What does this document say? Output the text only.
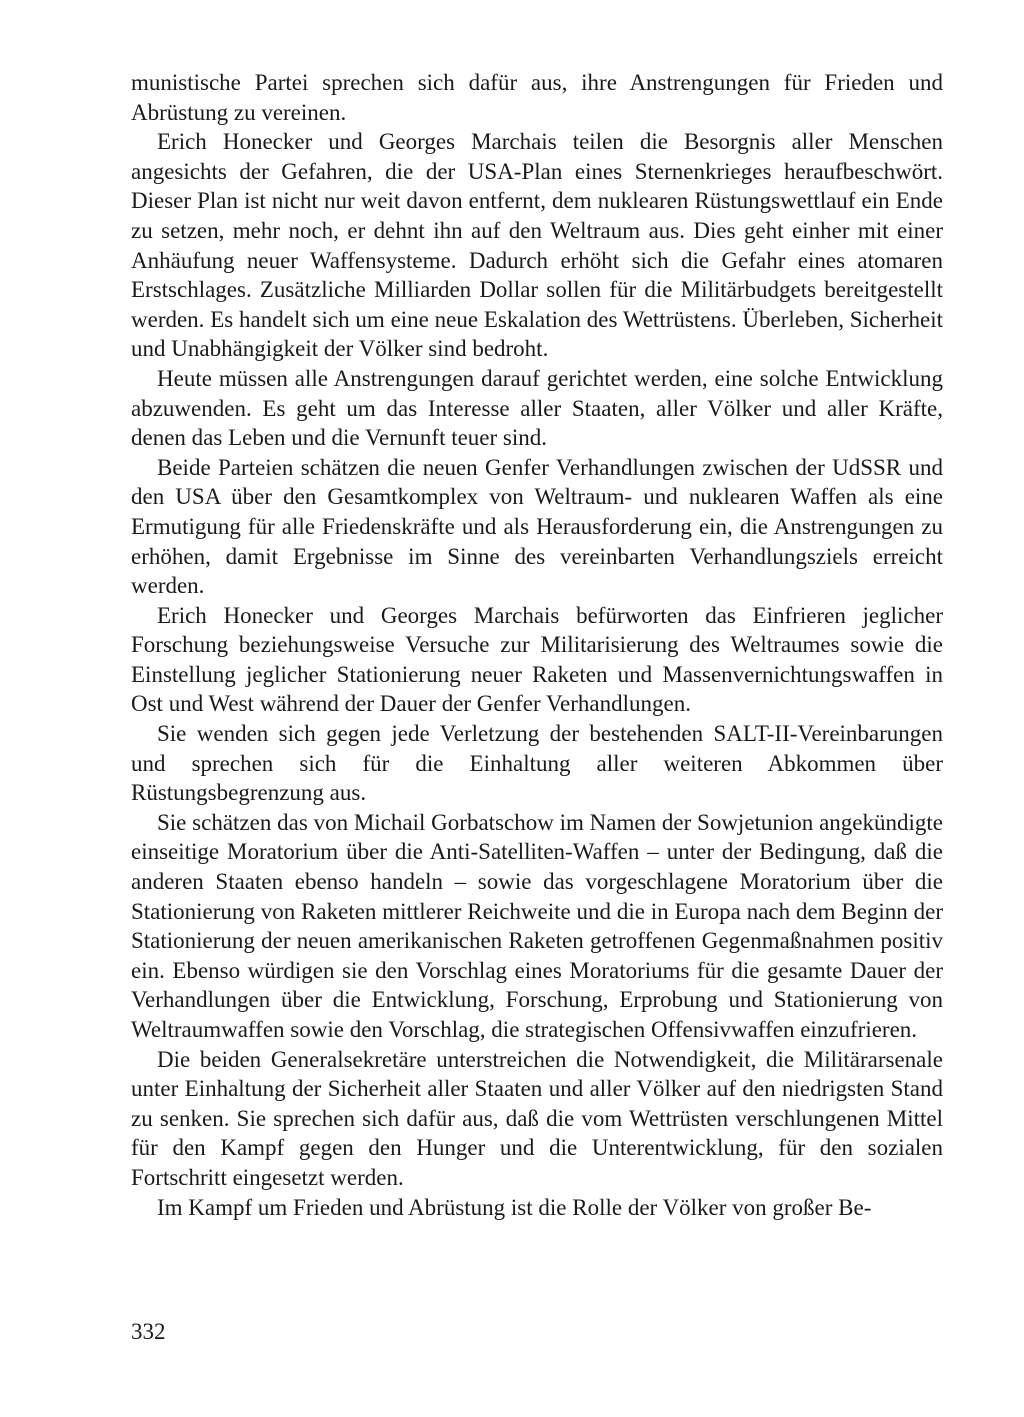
munistische Partei sprechen sich dafür aus, ihre Anstrengungen für Frieden und Abrüstung zu vereinen.

Erich Honecker und Georges Marchais teilen die Besorgnis aller Menschen angesichts der Gefahren, die der USA-Plan eines Sternenkrieges heraufbeschwört. Dieser Plan ist nicht nur weit davon entfernt, dem nuklearen Rüstungswettlauf ein Ende zu setzen, mehr noch, er dehnt ihn auf den Weltraum aus. Dies geht einher mit einer Anhäufung neuer Waffensysteme. Dadurch erhöht sich die Gefahr eines atomaren Erstschlages. Zusätzliche Milliarden Dollar sollen für die Militärbudgets bereitgestellt werden. Es handelt sich um eine neue Eskalation des Wettrüstens. Überleben, Sicherheit und Unabhängigkeit der Völker sind bedroht.

Heute müssen alle Anstrengungen darauf gerichtet werden, eine solche Entwicklung abzuwenden. Es geht um das Interesse aller Staaten, aller Völker und aller Kräfte, denen das Leben und die Vernunft teuer sind.

Beide Parteien schätzen die neuen Genfer Verhandlungen zwischen der UdSSR und den USA über den Gesamtkomplex von Weltraum- und nuklearen Waffen als eine Ermutigung für alle Friedenskräfte und als Herausforderung ein, die Anstrengungen zu erhöhen, damit Ergebnisse im Sinne des vereinbarten Verhandlungsziels erreicht werden.

Erich Honecker und Georges Marchais befürworten das Einfrieren jeglicher Forschung beziehungsweise Versuche zur Militarisierung des Weltraumes sowie die Einstellung jeglicher Stationierung neuer Raketen und Massenvernichtungswaffen in Ost und West während der Dauer der Genfer Verhandlungen.

Sie wenden sich gegen jede Verletzung der bestehenden SALT-II-Vereinbarungen und sprechen sich für die Einhaltung aller weiteren Abkommen über Rüstungsbegrenzung aus.

Sie schätzen das von Michail Gorbatschow im Namen der Sowjetunion angekündigte einseitige Moratorium über die Anti-Satelliten-Waffen – unter der Bedingung, daß die anderen Staaten ebenso handeln – sowie das vorgeschlagene Moratorium über die Stationierung von Raketen mittlerer Reichweite und die in Europa nach dem Beginn der Stationierung der neuen amerikanischen Raketen getroffenen Gegenmaßnahmen positiv ein. Ebenso würdigen sie den Vorschlag eines Moratoriums für die gesamte Dauer der Verhandlungen über die Entwicklung, Forschung, Erprobung und Stationierung von Weltraumwaffen sowie den Vorschlag, die strategischen Offensivwaffen einzufrieren.

Die beiden Generalsekretäre unterstreichen die Notwendigkeit, die Militärarsenale unter Einhaltung der Sicherheit aller Staaten und aller Völker auf den niedrigsten Stand zu senken. Sie sprechen sich dafür aus, daß die vom Wettrüsten verschlungenen Mittel für den Kampf gegen den Hunger und die Unterentwicklung, für den sozialen Fortschritt eingesetzt werden.

Im Kampf um Frieden und Abrüstung ist die Rolle der Völker von großer Be-

332
